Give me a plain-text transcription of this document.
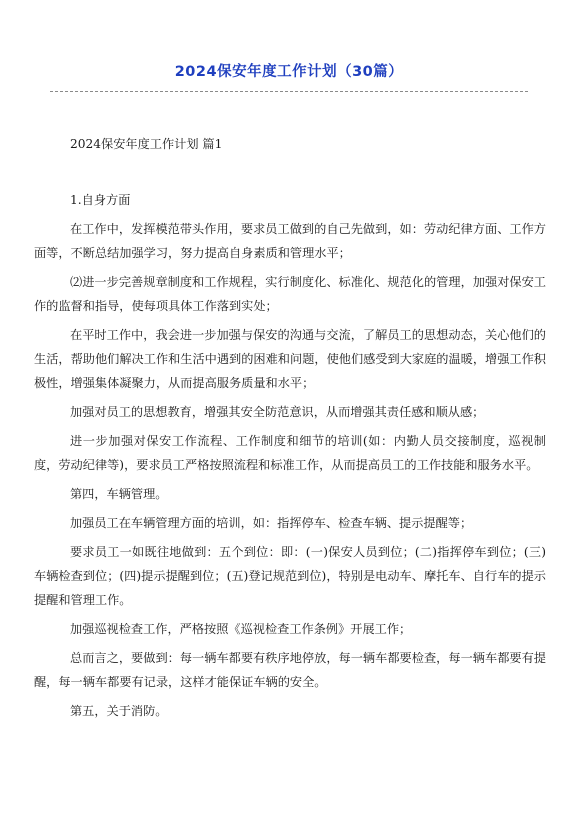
2024保安年度工作计划（30篇）

2024保安年度工作计划 篇1

1.自身方面

在工作中，发挥模范带头作用，要求员工做到的自己先做到，如：劳动纪律方面、工作方面等，不断总结加强学习，努力提高自身素质和管理水平；

⑵进一步完善规章制度和工作规程，实行制度化、标准化、规范化的管理，加强对保安工作的监督和指导，使每项具体工作落到实处；

在平时工作中，我会进一步加强与保安的沟通与交流，了解员工的思想动态，关心他们的生活，帮助他们解决工作和生活中遇到的困难和问题，使他们感受到大家庭的温暖，增强工作积极性，增强集体凝聚力，从而提高服务质量和水平；

加强对员工的思想教育，增强其安全防范意识，从而增强其责任感和顺从感；

进一步加强对保安工作流程、工作制度和细节的培训(如：内勤人员交接制度，巡视制度，劳动纪律等)，要求员工严格按照流程和标准工作，从而提高员工的工作技能和服务水平。

第四，车辆管理。

加强员工在车辆管理方面的培训，如：指挥停车、检查车辆、提示提醒等；

要求员工一如既往地做到：五个到位：即：(一)保安人员到位；(二)指挥停车到位；(三)车辆检查到位；(四)提示提醒到位；(五)登记规范到位)，特别是电动车、摩托车、自行车的提示提醒和管理工作。

加强巡视检查工作，严格按照《巡视检查工作条例》开展工作；

总而言之，要做到：每一辆车都要有秩序地停放，每一辆车都要检查，每一辆车都要有提醒，每一辆车都要有记录，这样才能保证车辆的安全。

第五，关于消防。
